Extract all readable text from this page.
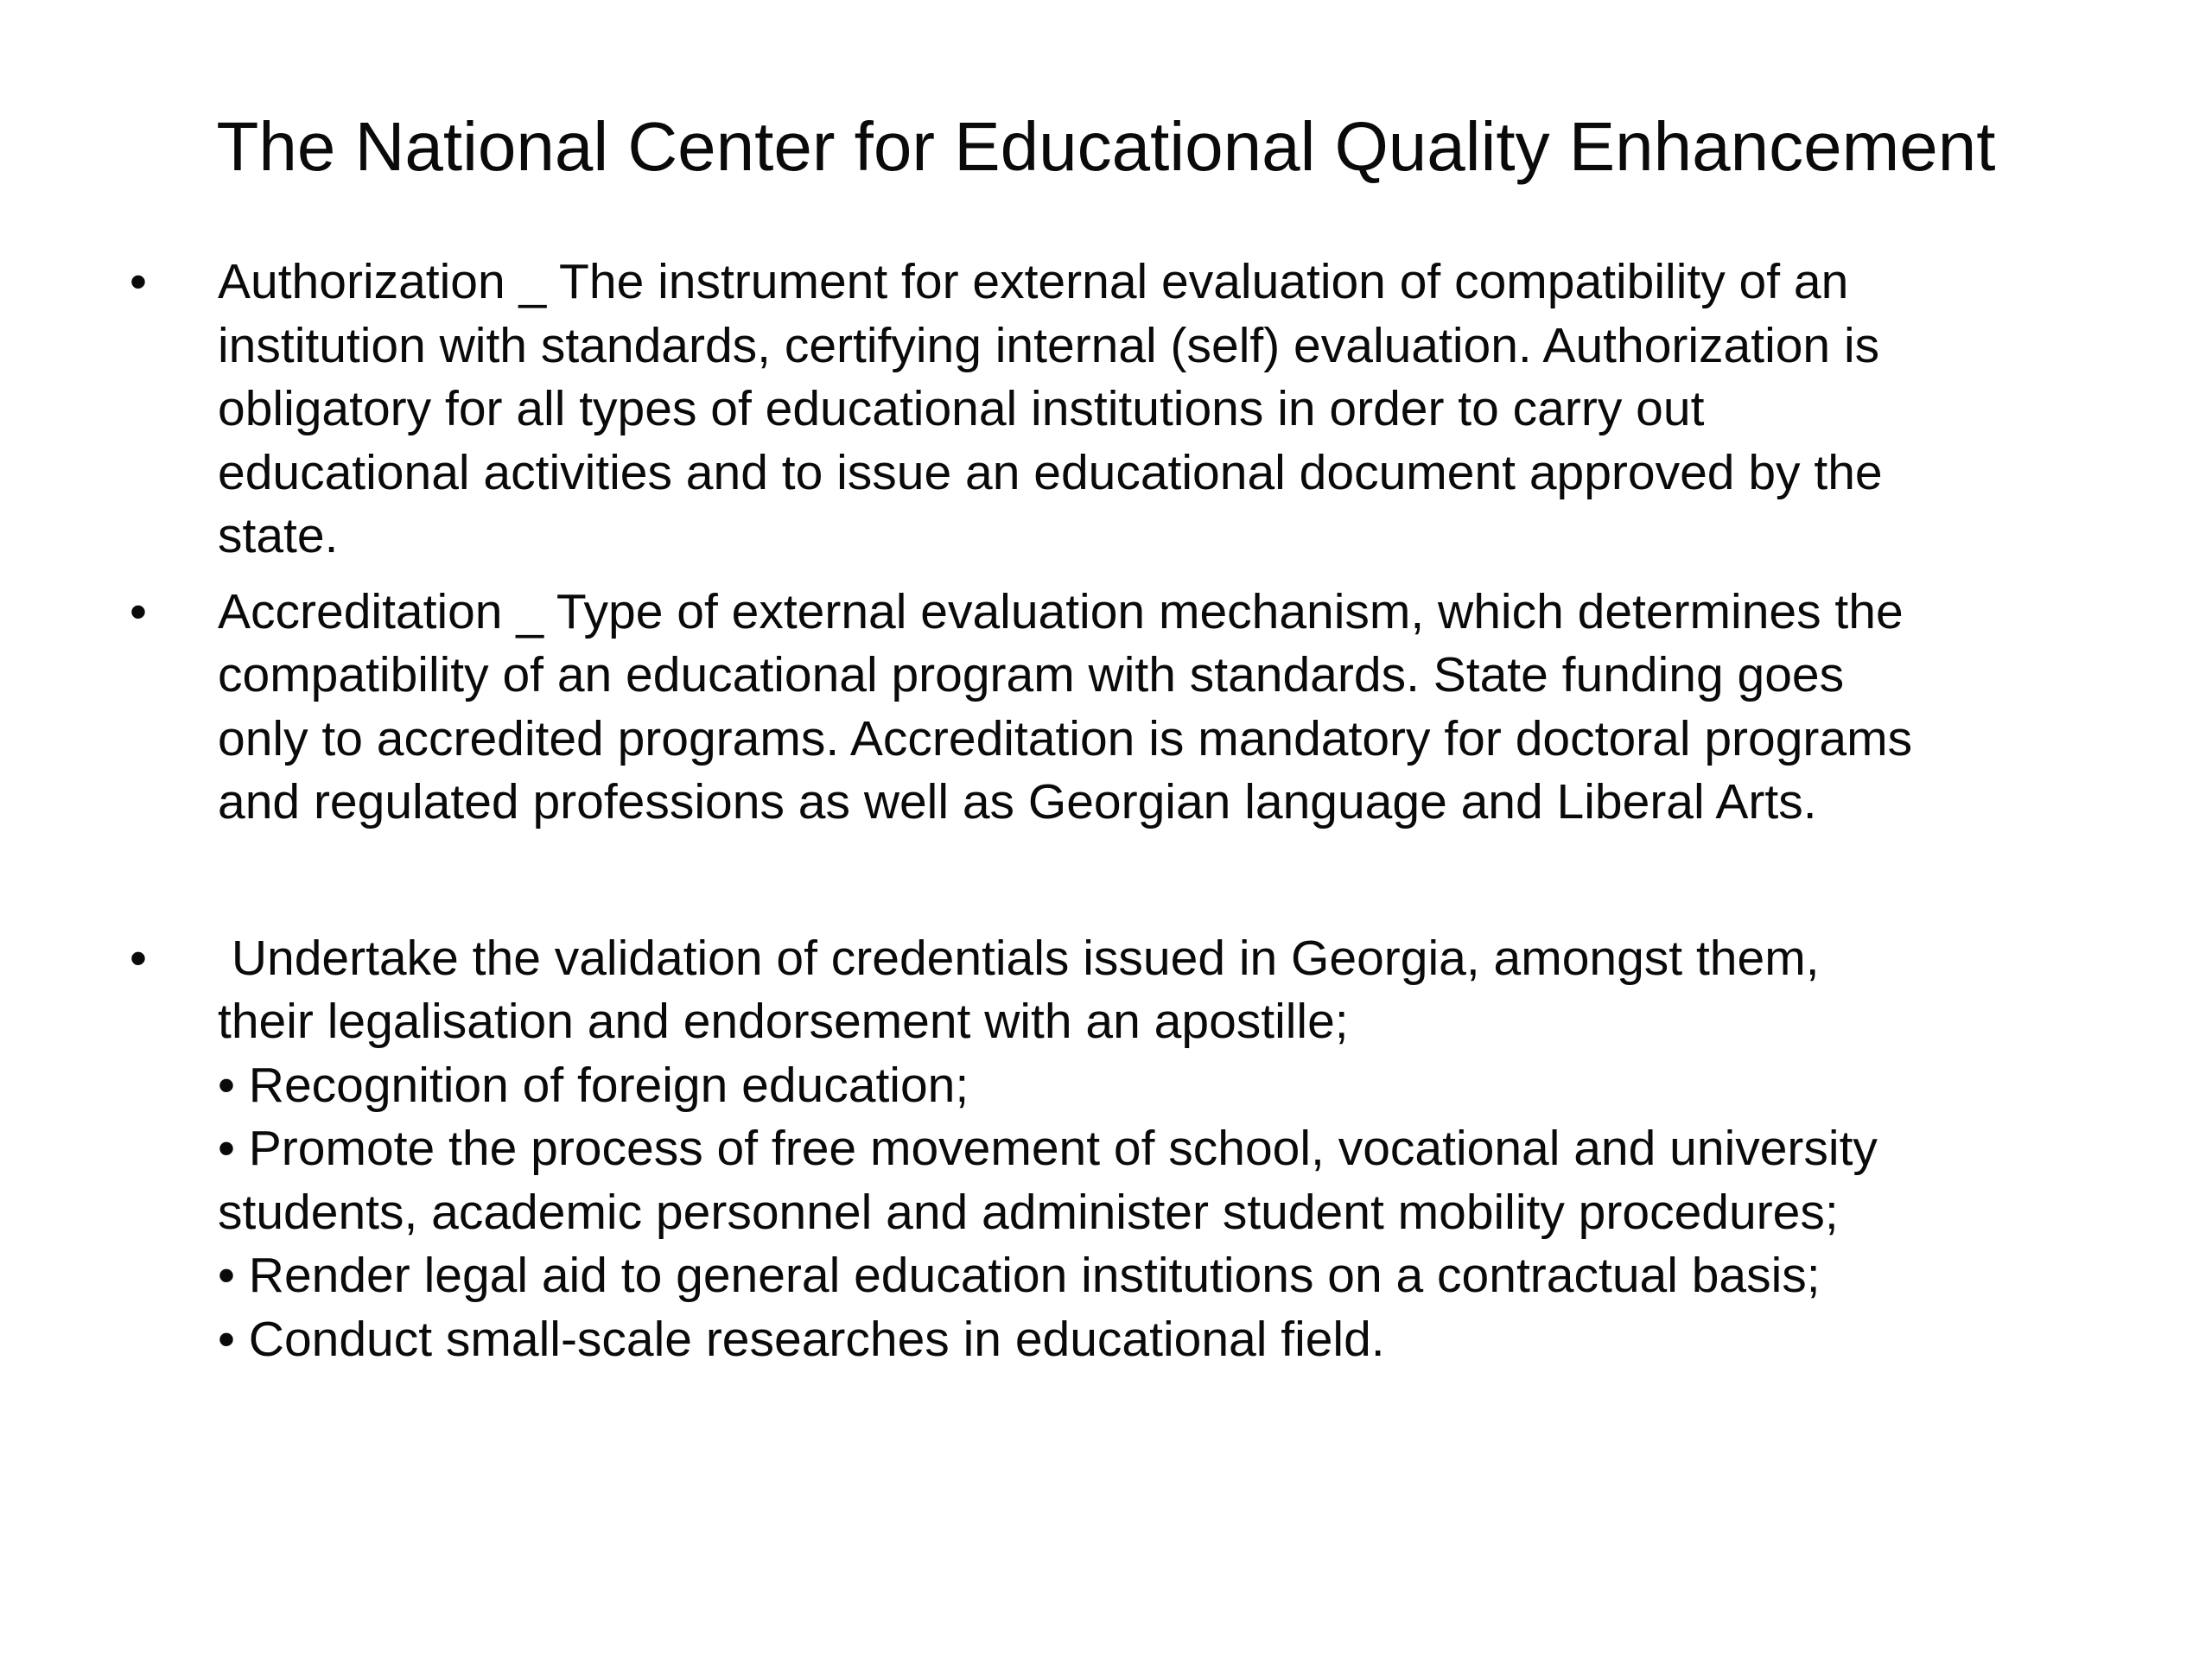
The National Center for Educational Quality Enhancement
•	Authorization _ The instrument for external evaluation of compatibility of an
institution with standards, certifying internal (self) evaluation. Authorization is
obligatory for all types of educational institutions in order to carry out
educational activities and to issue an educational document approved by the
state.
•	Accreditation _ Type of external evaluation mechanism, which determines the
compatibility of an educational program with standards. State funding goes
only to accredited programs. Accreditation is mandatory for doctoral programs
and regulated professions as well as Georgian language and Liberal Arts.
•	Undertake the validation of credentials issued in Georgia, amongst them,
their legalisation and endorsement with an apostille;
• Recognition of foreign education;
• Promote the process of free movement of school, vocational and university
students, academic personnel and administer student mobility procedures;
• Render legal aid to general education institutions on a contractual basis;
• Conduct small-scale researches in educational field.
